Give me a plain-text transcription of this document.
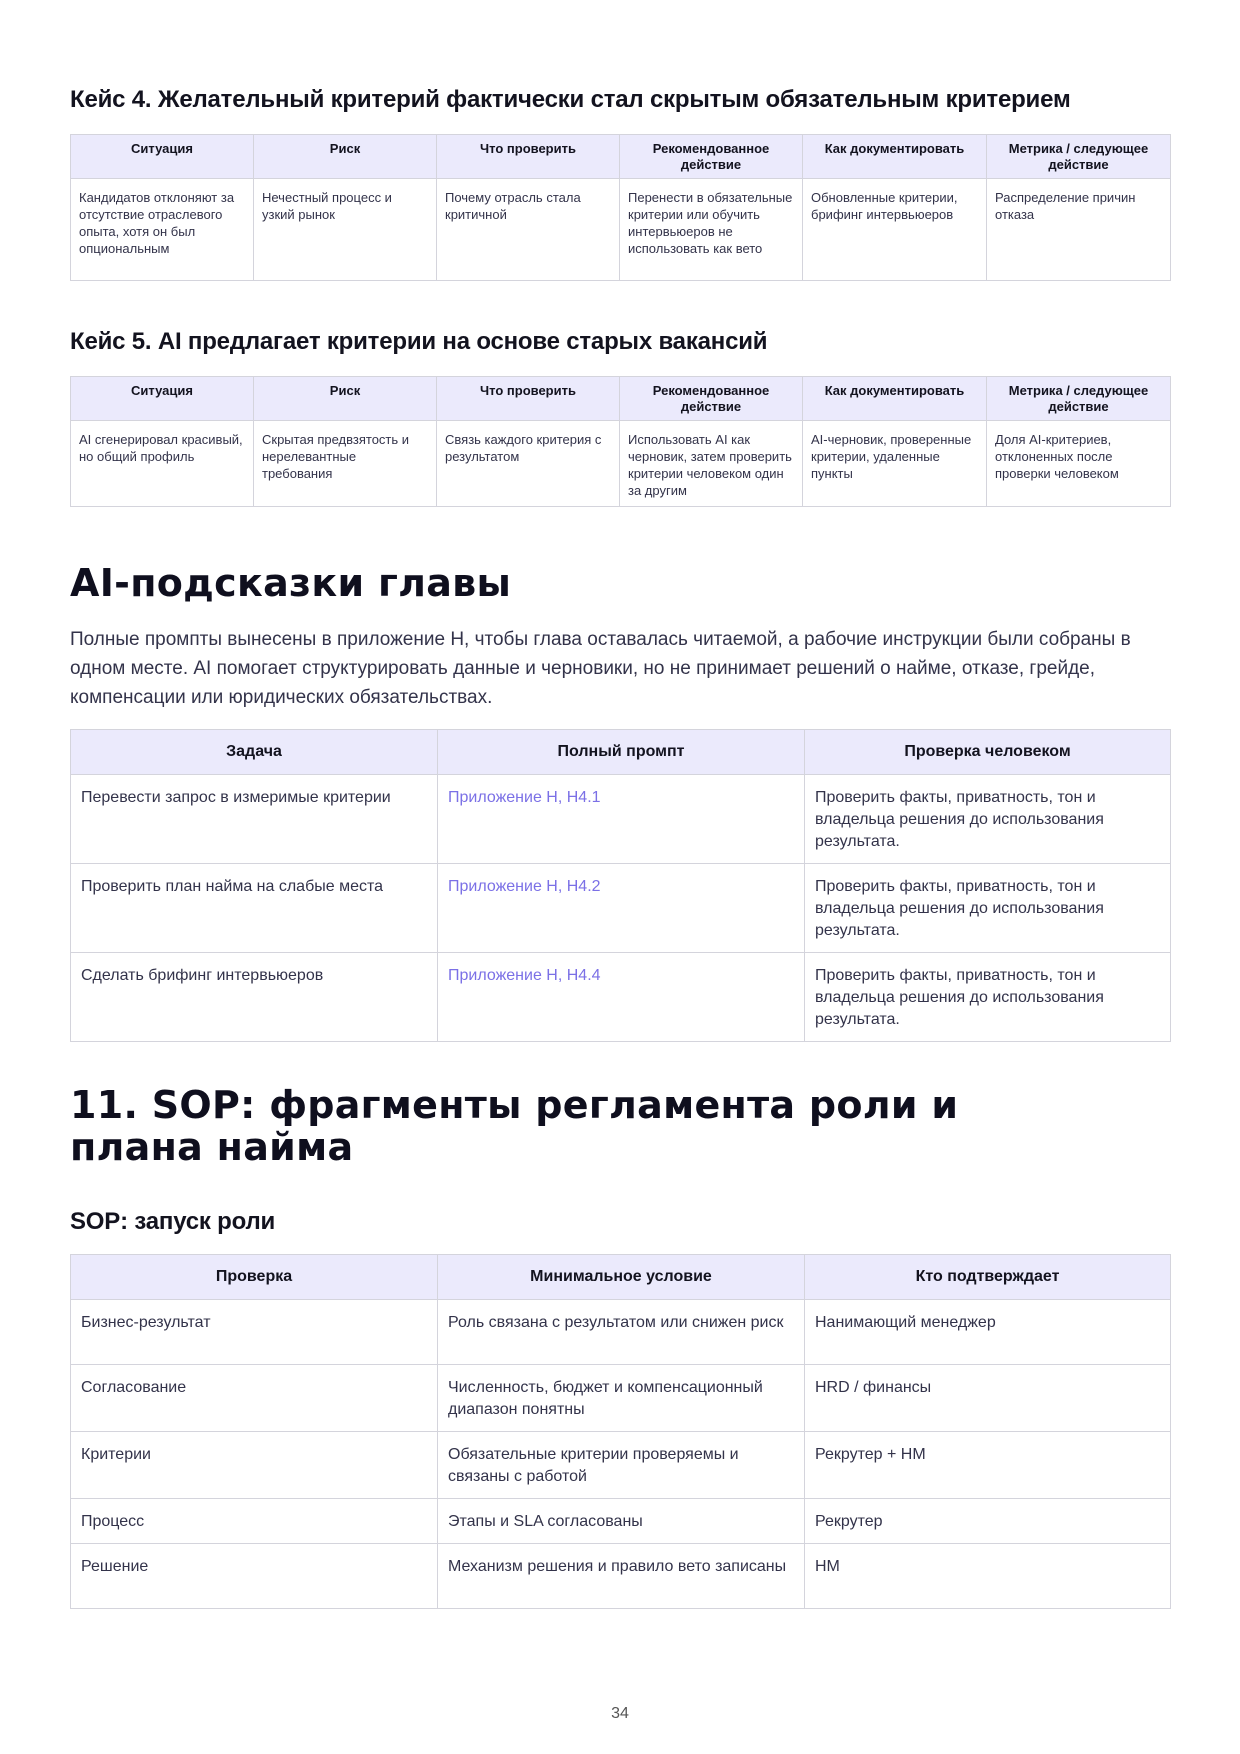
Кейс 4. Желательный критерий фактически стал скрытым обязательным критерием
Ситуация	Риск	Что проверить	Рекомендованное действие	Как документировать	Метрика / следующее действие
Кандидатов отклоняют за отсутствие отраслевого опыта, хотя он был опциональным	Нечестный процесс и узкий рынок	Почему отрасль стала критичной	Перенести в обязательные критерии или обучить интервьюеров не использовать как вето	Обновленные критерии, брифинг интервьюеров	Распределение причин отказа
Кейс 5. AI предлагает критерии на основе старых вакансий
Ситуация	Риск	Что проверить	Рекомендованное действие	Как документировать	Метрика / следующее действие
AI сгенерировал красивый, но общий профиль	Скрытая предвзятость и нерелевантные требования	Связь каждого критерия с результатом	Использовать AI как черновик, затем проверить критерии человеком один за другим	AI-черновик, проверенные критерии, удаленные пункты	Доля AI-критериев, отклоненных после проверки человеком
AI-подсказки главы

Полные промпты вынесены в приложение H, чтобы глава оставалась читаемой, а рабочие инструкции были собраны в одном месте. AI помогает структурировать данные и черновики, но не принимает решений о найме, отказе, грейде, компенсации или юридических обязательствах.

Задача	Полный промпт	Проверка человеком
Перевести запрос в измеримые критерии	Приложение H, H4.1	Проверить факты, приватность, тон и владельца решения до использования результата.
Проверить план найма на слабые места	Приложение H, H4.2	Проверить факты, приватность, тон и владельца решения до использования результата.
Сделать брифинг интервьюеров	Приложение H, H4.4	Проверить факты, приватность, тон и владельца решения до использования результата.
11. SOP: фрагменты регламента роли и плана найма
SOP: запуск роли
Проверка	Минимальное условие	Кто подтверждает
Бизнес-результат	Роль связана с результатом или снижен риск	Нанимающий менеджер
Согласование	Численность, бюджет и компенсационный диапазон понятны	HRD / финансы
Критерии	Обязательные критерии проверяемы и связаны с работой	Рекрутер + HM
Процесс	Этапы и SLA согласованы	Рекрутер
Решение	Механизм решения и правило вето записаны	HM
34
